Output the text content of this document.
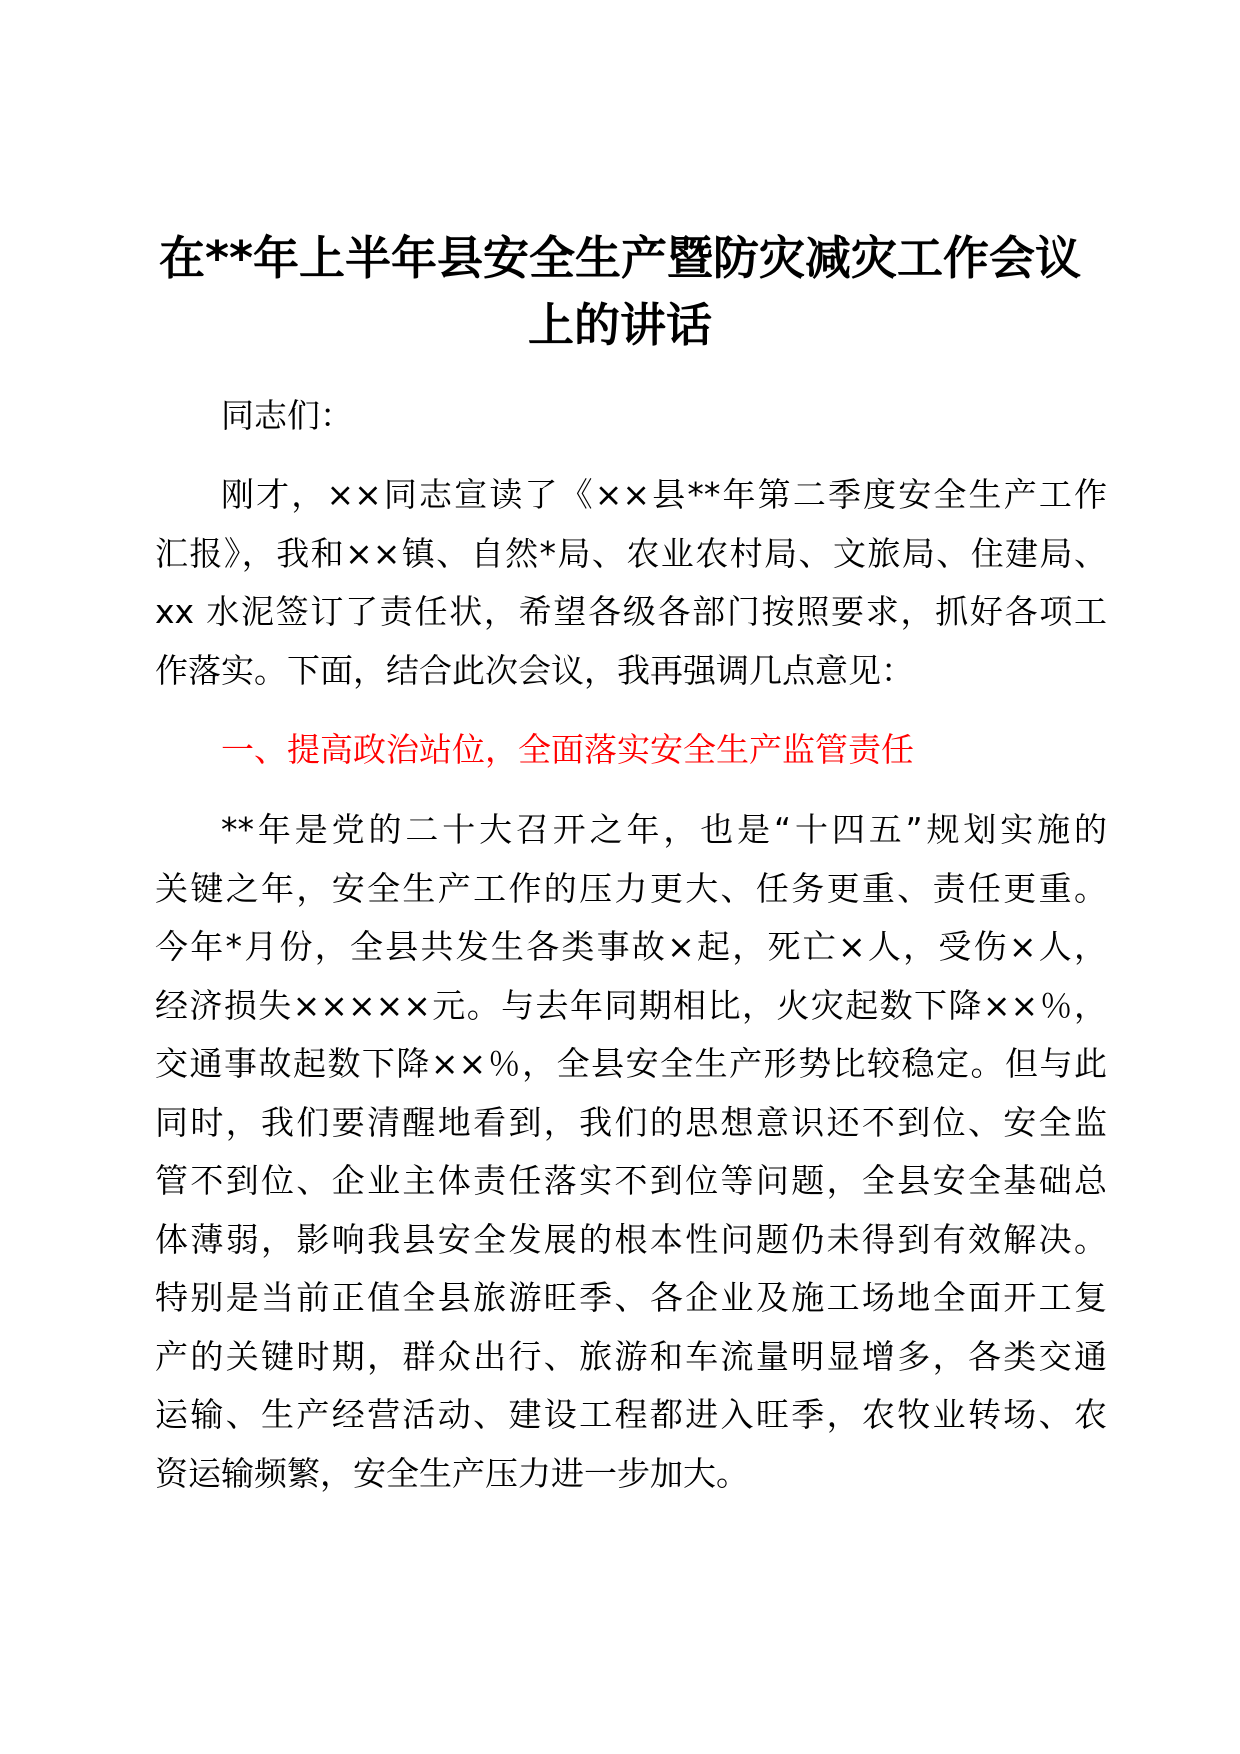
在**年上半年县安全生产暨防灾减灾工作会议
上的讲话
同志们：
刚才，××同志宣读了《××县**年第二季度安全生产工作
汇报》，我和××镇、自然*局、农业农村局、文旅局、住建局、
xx 水泥签订了责任状，希望各级各部门按照要求，抓好各项工
作落实。下面，结合此次会议，我再强调几点意见：
一、提高政治站位，全面落实安全生产监管责任
**年是党的二十大召开之年，也是“十四五”规划实施的
关键之年，安全生产工作的压力更大、任务更重、责任更重。
今年*月份，全县共发生各类事故×起，死亡×人，受伤×人，
经济损失×××××元。与去年同期相比，火灾起数下降××％，
交通事故起数下降××％，全县安全生产形势比较稳定。但与此
同时，我们要清醒地看到，我们的思想意识还不到位、安全监
管不到位、企业主体责任落实不到位等问题，全县安全基础总
体薄弱，影响我县安全发展的根本性问题仍未得到有效解决。
特别是当前正值全县旅游旺季、各企业及施工场地全面开工复
产的关键时期，群众出行、旅游和车流量明显增多，各类交通
运输、生产经营活动、建设工程都进入旺季，农牧业转场、农
资运输频繁，安全生产压力进一步加大。
